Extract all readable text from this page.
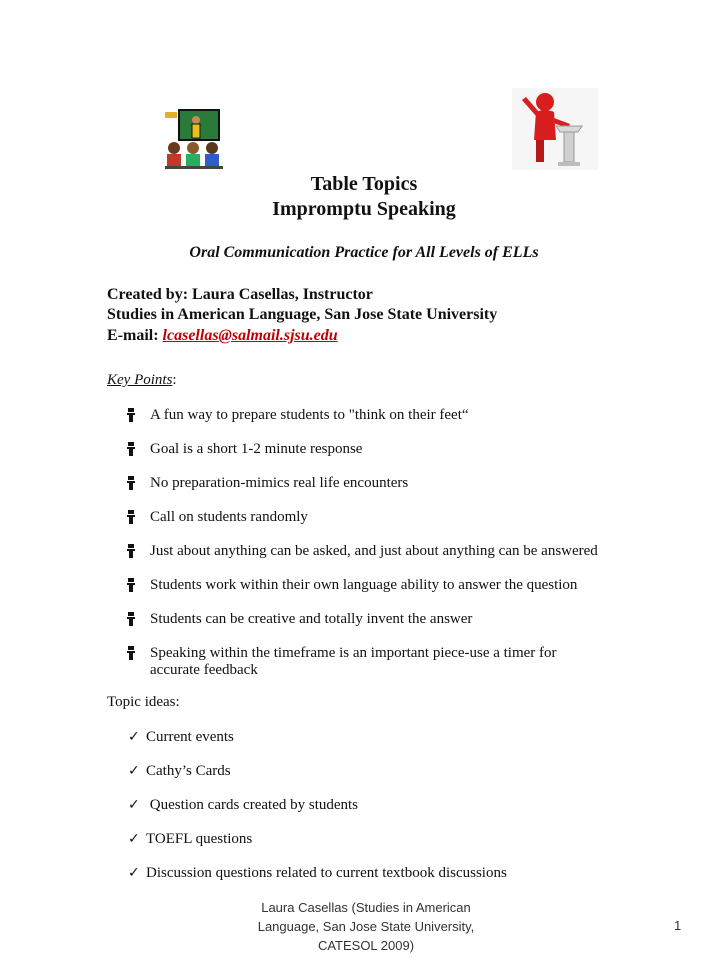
Table Topics
Impromptu Speaking
Oral Communication Practice for All Levels of ELLs
Created by: Laura Casellas, Instructor
Studies in American Language, San Jose State University
E-mail: lcasellas@salmail.sjsu.edu
Key Points:
A fun way to prepare students to "think on their feet“
Goal is a short 1-2 minute response
No preparation-mimics real life encounters
Call on students randomly
Just about anything can be asked, and just about anything can be answered
Students work within their own language ability to answer the question
Students can be creative and totally invent the answer
Speaking within the timeframe is an important piece-use a timer for accurate feedback
Topic ideas:
✓ Current events
✓ Cathy’s Cards
✓ Question cards created by students
✓ TOEFL questions
✓ Discussion questions related to current textbook discussions
Laura Casellas (Studies in American Language, San Jose State University, CATESOL 2009)
1
